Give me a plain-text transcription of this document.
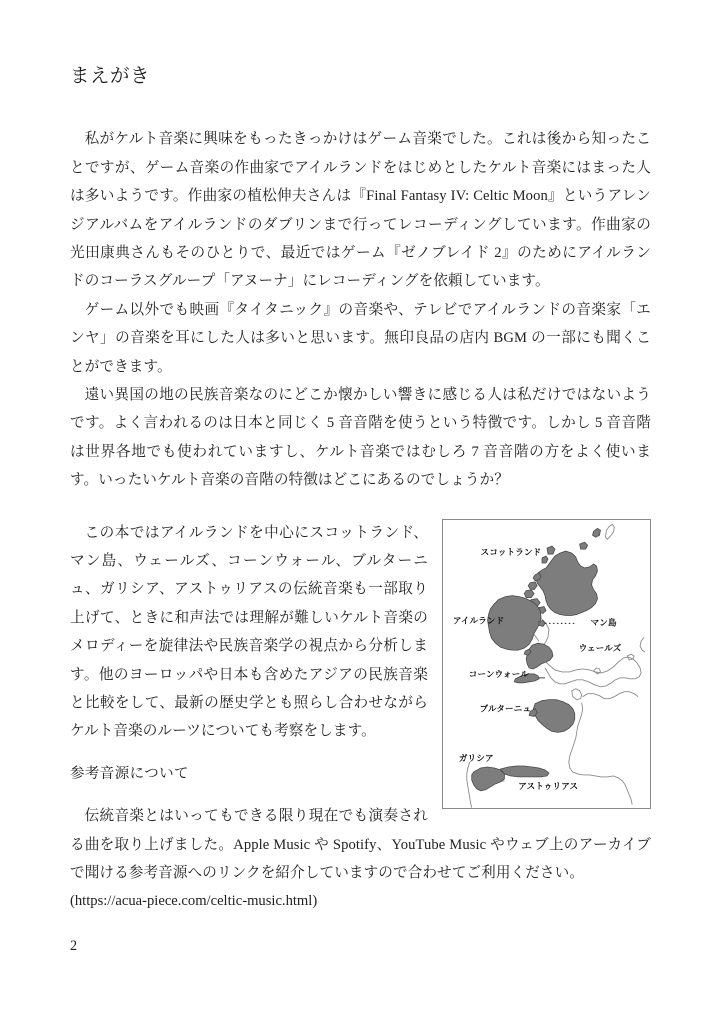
まえがき

私がケルト音楽に興味をもったきっかけはゲーム音楽でした。これは後から知ったことですが、ゲーム音楽の作曲家でアイルランドをはじめとしたケルト音楽にはまった人は多いようです。作曲家の植松伸夫さんは『Final Fantasy IV: Celtic Moon』というアレンジアルバムをアイルランドのダブリンまで行ってレコーディングしています。作曲家の光田康典さんもそのひとりで、最近ではゲーム『ゼノブレイド 2』のためにアイルランドのコーラスグループ「アヌーナ」にレコーディングを依頼しています。

ゲーム以外でも映画『タイタニック』の音楽や、テレビでアイルランドの音楽家「エンヤ」の音楽を耳にした人は多いと思います。無印良品の店内 BGM の一部にも聞くことができます。

遠い異国の地の民族音楽なのにどこか懐かしい響きに感じる人は私だけではないようです。よく言われるのは日本と同じく 5 音音階を使うという特徴です。しかし 5 音音階は世界各地でも使われていますし、ケルト音楽ではむしろ 7 音音階の方をよく使います。いったいケルト音楽の音階の特徴はどこにあるのでしょうか？

スコットランド
アイルランド	マン島
ウェールズ
コーンウォール
ブルターニュ
ガリシア
アストゥリアス

この本ではアイルランドを中心にスコットランド、マン島、ウェールズ、コーンウォール、ブルターニュ、ガリシア、アストゥリアスの伝統音楽も一部取り上げて、ときに和声法では理解が難しいケルト音楽のメロディーを旋律法や民族音楽学の視点から分析します。他のヨーロッパや日本も含めたアジアの民族音楽と比較をして、最新の歴史学とも照らし合わせながらケルト音楽のルーツについても考察をします。

参考音源について

伝統音楽とはいってもできる限り現在でも演奏される曲を取り上げました。Apple Music や Spotify、YouTube Music やウェブ上のアーカイブで聞ける参考音源へのリンクを紹介していますので合わせてご利用ください。

(https://acua-piece.com/celtic-music.html)

2
